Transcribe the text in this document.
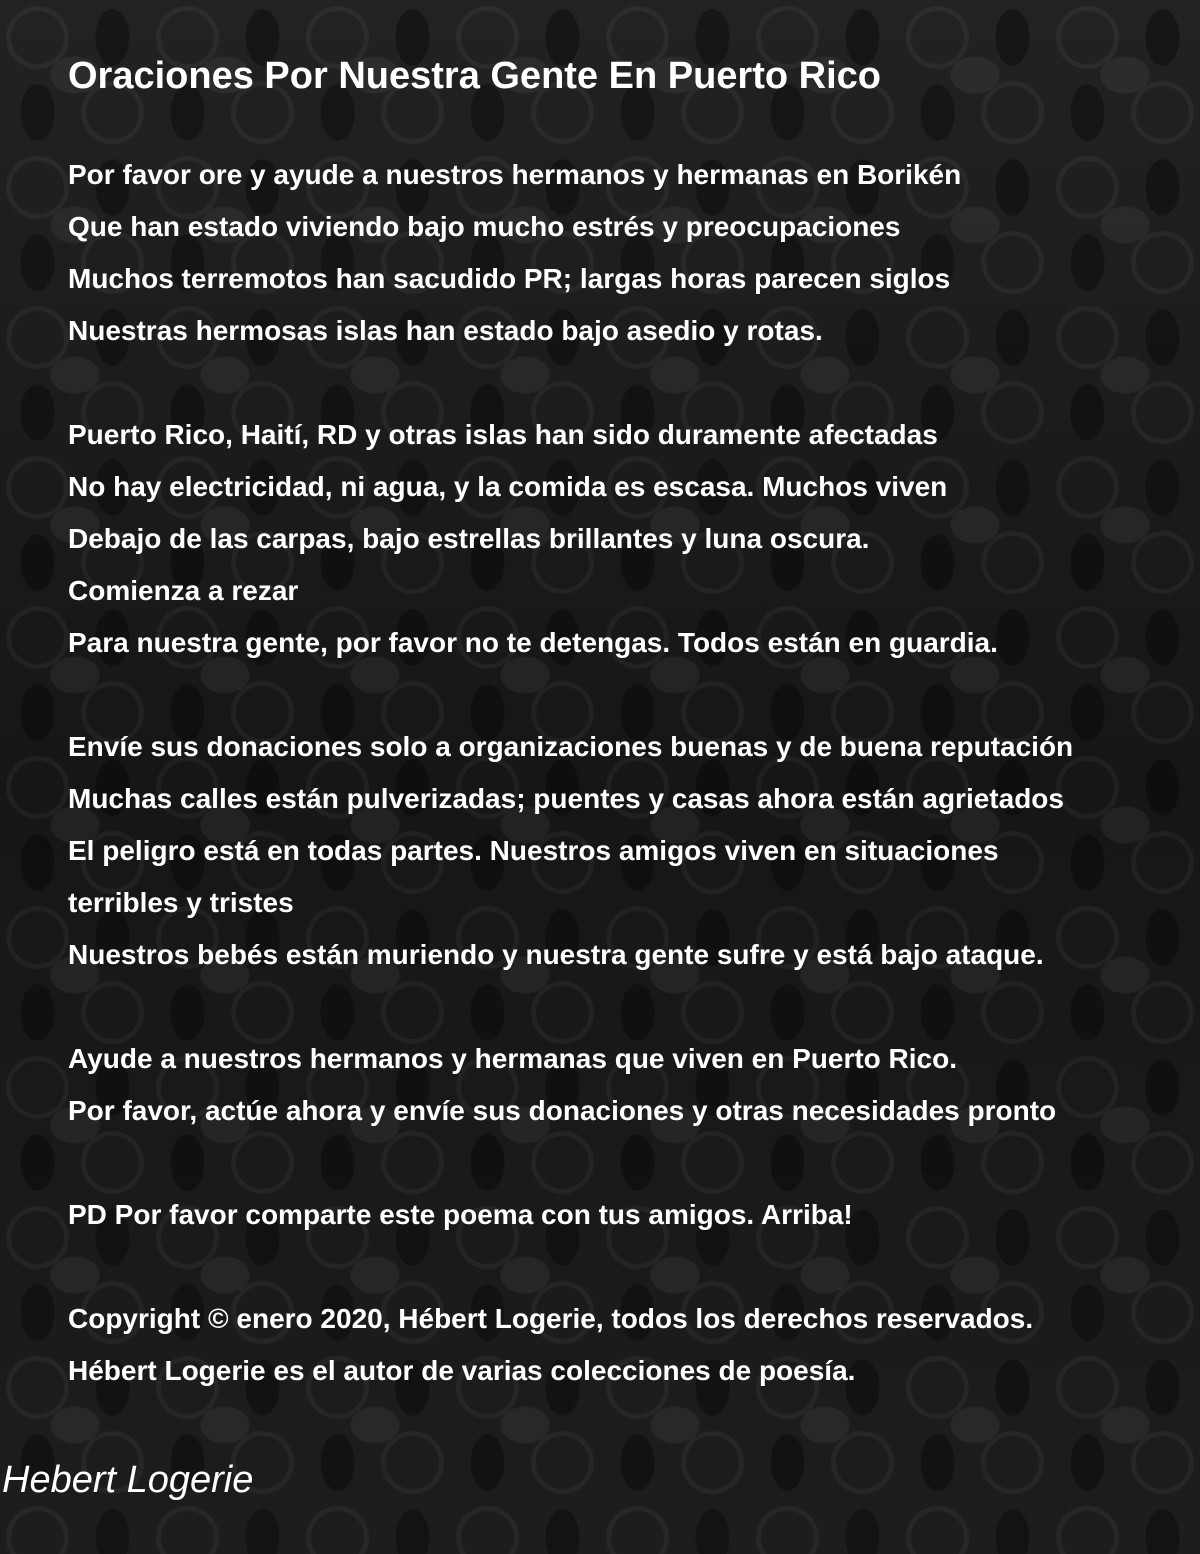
Oraciones Por Nuestra Gente En Puerto Rico
Por favor ore y ayude a nuestros hermanos y hermanas en Borikén
Que han estado viviendo bajo mucho estrés y preocupaciones
Muchos terremotos han sacudido PR; largas horas parecen siglos
Nuestras hermosas islas han estado bajo asedio y rotas.
Puerto Rico, Haití, RD y otras islas han sido duramente afectadas
No hay electricidad, ni agua, y la comida es escasa. Muchos viven
Debajo de las carpas, bajo estrellas brillantes y luna oscura.
Comienza a rezar
Para nuestra gente, por favor no te detengas. Todos están en guardia.
Envíe sus donaciones solo a organizaciones buenas y de buena reputación
Muchas calles están pulverizadas; puentes y casas ahora están agrietados
El peligro está en todas partes. Nuestros amigos viven en situaciones
terribles y tristes
Nuestros bebés están muriendo y nuestra gente sufre y está bajo ataque.
Ayude a nuestros hermanos y hermanas que viven en Puerto Rico.
Por favor, actúe ahora y envíe sus donaciones y otras necesidades pronto
PD Por favor comparte este poema con tus amigos. Arriba!
Copyright © enero 2020, Hébert Logerie, todos los derechos reservados.
Hébert Logerie es el autor de varias colecciones de poesía.
Hebert Logerie
